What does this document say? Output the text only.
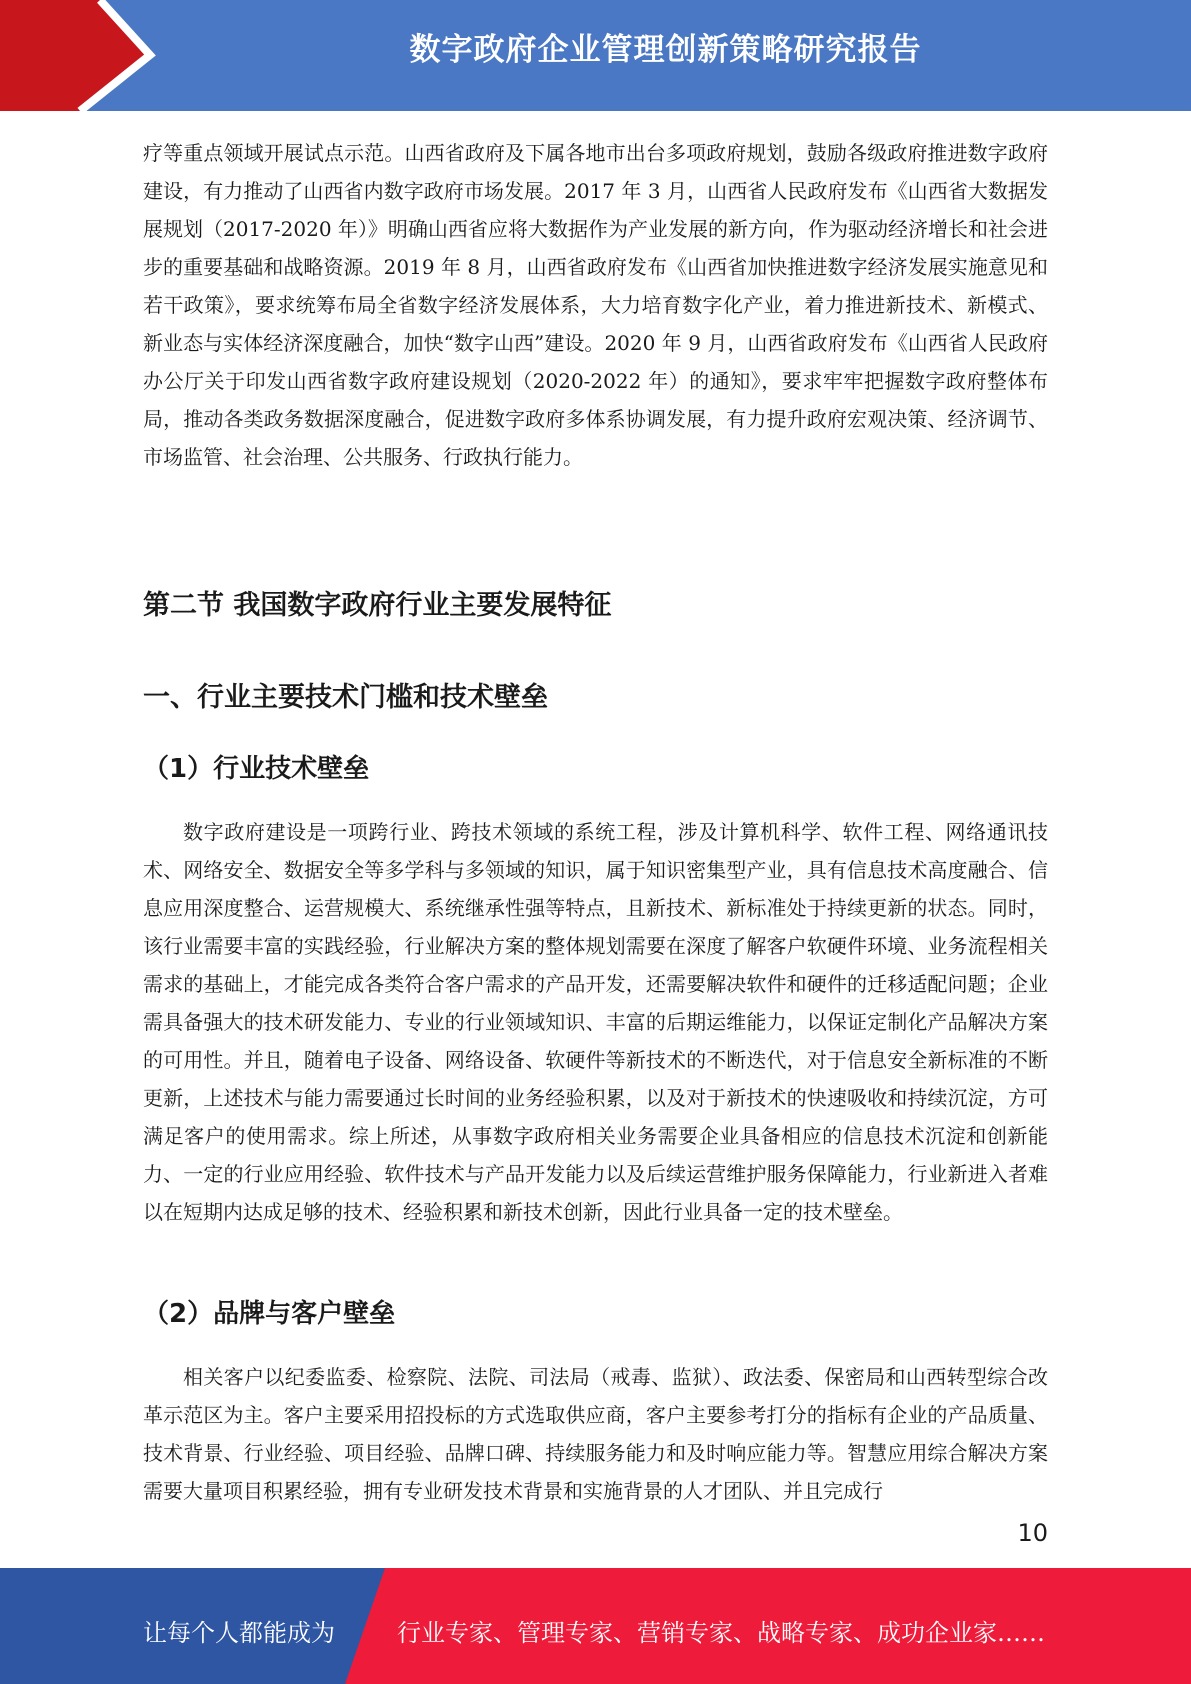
数字政府企业管理创新策略研究报告

疗等重点领域开展试点示范。山西省政府及下属各地市出台多项政府规划，鼓励各级政府推进数字政府建设，有力推动了山西省内数字政府市场发展。2017 年 3 月，山西省人民政府发布《山西省大数据发展规划（2017-2020 年）》明确山西省应将大数据作为产业发展的新方向，作为驱动经济增长和社会进步的重要基础和战略资源。2019 年 8 月，山西省政府发布《山西省加快推进数字经济发展实施意见和若干政策》，要求统筹布局全省数字经济发展体系，大力培育数字化产业，着力推进新技术、新模式、新业态与实体经济深度融合，加快“数字山西”建设。2020 年 9 月，山西省政府发布《山西省人民政府办公厅关于印发山西省数字政府建设规划（2020-2022 年）的通知》，要求牢牢把握数字政府整体布局，推动各类政务数据深度融合，促进数字政府多体系协调发展，有力提升政府宏观决策、经济调节、市场监管、社会治理、公共服务、行政执行能力。

第二节 我国数字政府行业主要发展特征
一、行业主要技术门槛和技术壁垒
（1）行业技术壁垒

数字政府建设是一项跨行业、跨技术领域的系统工程，涉及计算机科学、软件工程、网络通讯技术、网络安全、数据安全等多学科与多领域的知识，属于知识密集型产业，具有信息技术高度融合、信息应用深度整合、运营规模大、系统继承性强等特点，且新技术、新标准处于持续更新的状态。同时，该行业需要丰富的实践经验，行业解决方案的整体规划需要在深度了解客户软硬件环境、业务流程相关需求的基础上，才能完成各类符合客户需求的产品开发，还需要解决软件和硬件的迁移适配问题；企业需具备强大的技术研发能力、专业的行业领域知识、丰富的后期运维能力，以保证定制化产品解决方案的可用性。并且，随着电子设备、网络设备、软硬件等新技术的不断迭代，对于信息安全新标准的不断更新，上述技术与能力需要通过长时间的业务经验积累，以及对于新技术的快速吸收和持续沉淀，方可满足客户的使用需求。综上所述，从事数字政府相关业务需要企业具备相应的信息技术沉淀和创新能力、一定的行业应用经验、软件技术与产品开发能力以及后续运营维护服务保障能力，行业新进入者难以在短期内达成足够的技术、经验积累和新技术创新，因此行业具备一定的技术壁垒。

（2）品牌与客户壁垒

相关客户以纪委监委、检察院、法院、司法局（戒毒、监狱）、政法委、保密局和山西转型综合改革示范区为主。客户主要采用招投标的方式选取供应商，客户主要参考打分的指标有企业的产品质量、技术背景、行业经验、项目经验、品牌口碑、持续服务能力和及时响应能力等。智慧应用综合解决方案需要大量项目积累经验，拥有专业研发技术背景和实施背景的人才团队、并且完成行

10
让每个人都能成为	行业专家、管理专家、营销专家、战略专家、成功企业家……
